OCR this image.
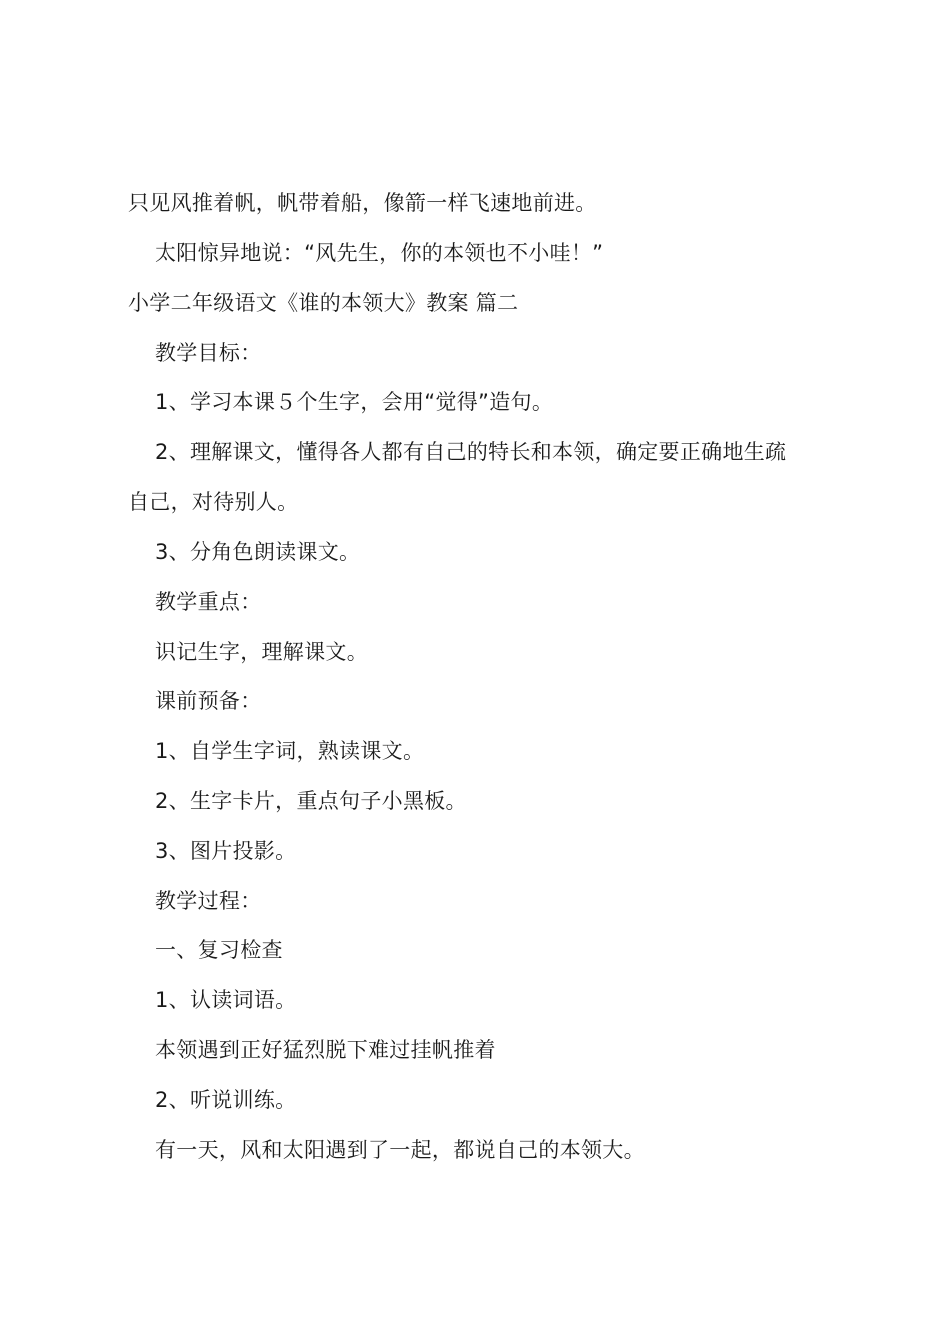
只见风推着帆，帆带着船，像箭一样飞速地前进。
太阳惊异地说：“风先生，你的本领也不小哇！”
小学二年级语文《谁的本领大》教案 篇二
教学目标：
1、学习本课５个生字，会用“觉得”造句。
2、理解课文，懂得各人都有自己的特长和本领，确定要正确地生疏
自己，对待别人。
3、分角色朗读课文。
教学重点：
识记生字，理解课文。
课前预备：
1、自学生字词，熟读课文。
2、生字卡片，重点句子小黑板。
3、图片投影。
教学过程：
一、复习检查
1、认读词语。
本领遇到正好猛烈脱下难过挂帆推着
2、听说训练。
有一天，风和太阳遇到了一起，都说自己的本领大。
